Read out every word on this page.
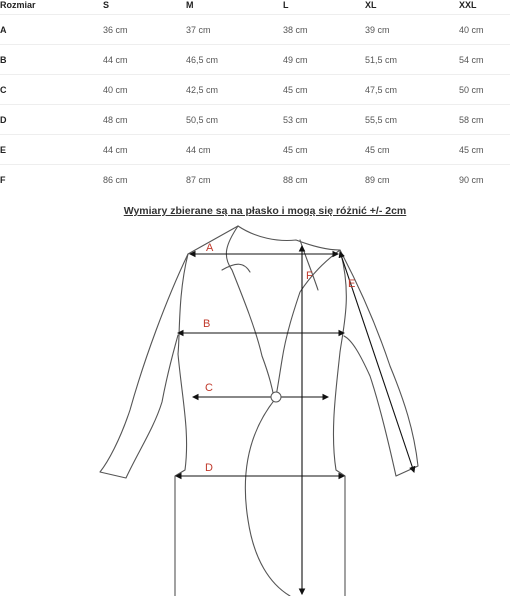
Rozmiar	S	M	L	XL	XXL
A	36 cm	37 cm	38 cm	39 cm	40 cm
B	44 cm	46,5 cm	49 cm	51,5 cm	54 cm
C	40 cm	42,5 cm	45 cm	47,5 cm	50 cm
D	48 cm	50,5 cm	53 cm	55,5 cm	58 cm
E	44 cm	44 cm	45 cm	45 cm	45 cm
F	86 cm	87 cm	88 cm	89 cm	90 cm
Wymiary zbierane są na płasko i mogą się różnić +/- 2cm
A
B
C
D
E
F
